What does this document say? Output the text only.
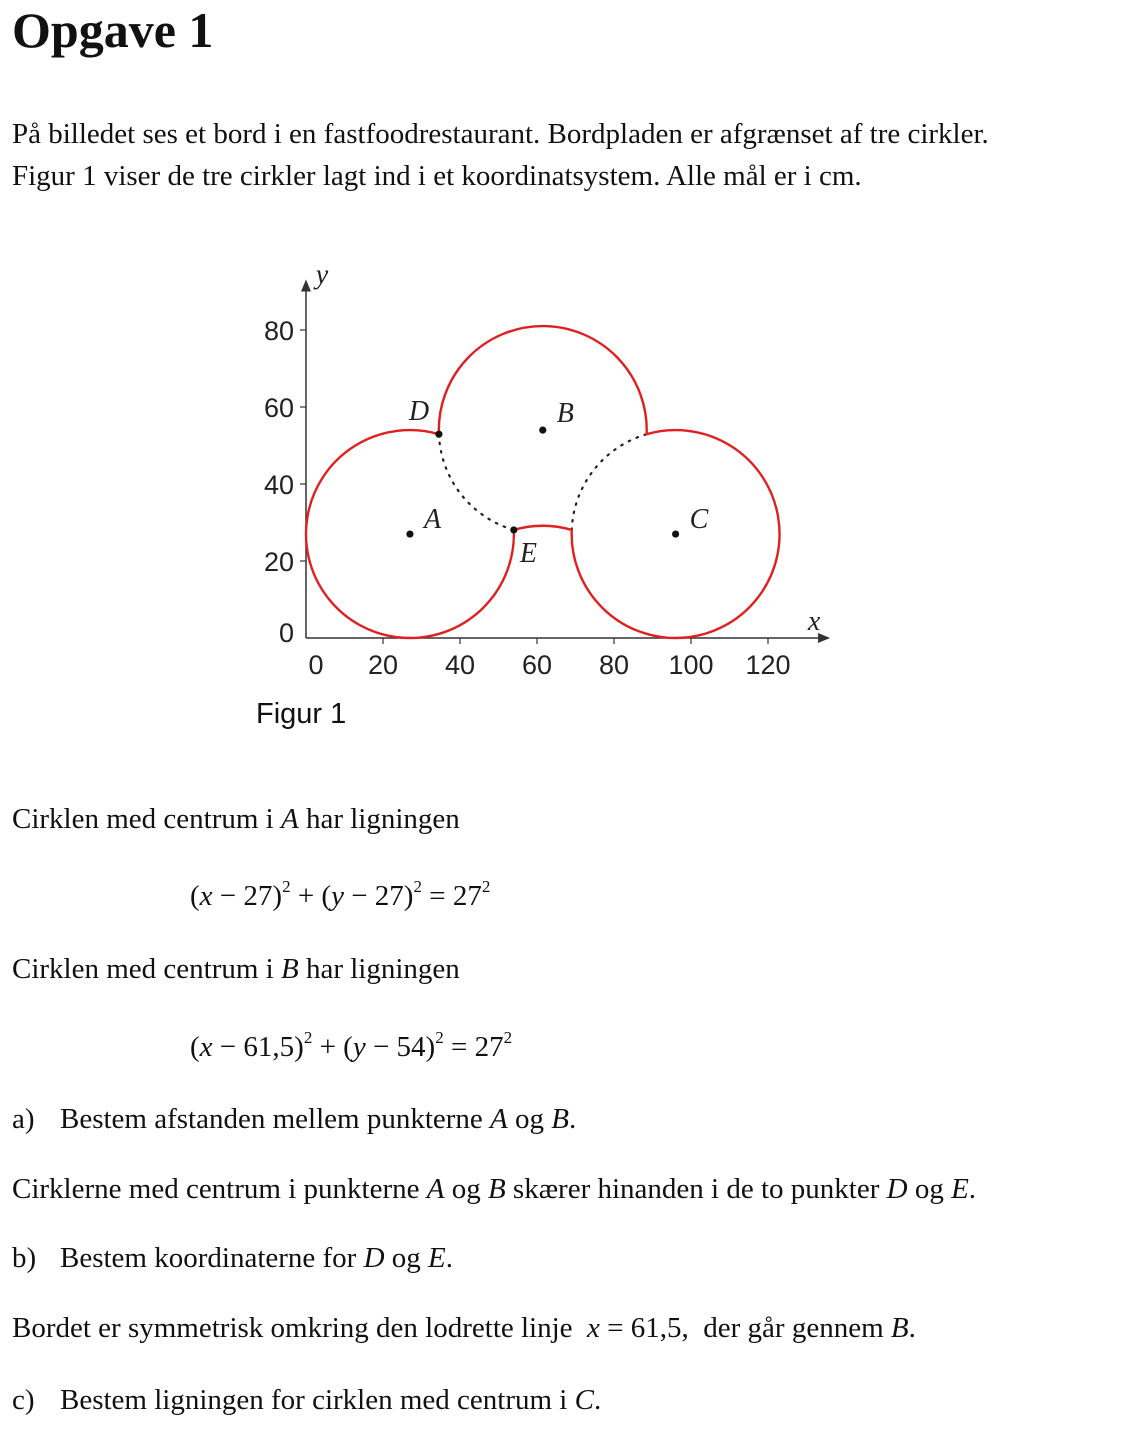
Opgave 1

På billedet ses et bord i en fastfoodrestaurant. Bordpladen er afgrænset af tre cirkler.
Figur 1 viser de tre cirkler lagt ind i et koordinatsystem. Alle mål er i cm.

0 20 40 60 80 100 120
0
20
40
60
80
x
y
A
B
C
D
E
Figur 1

Cirklen med centrum i A har ligningen

$(x - 27)^2 + (y - 27)^2 = 27^2$

Cirklen med centrum i B har ligningen

$(x - 61,5)^2 + (y - 54)^2 = 27^2$

a) Bestem afstanden mellem punkterne A og B.

Cirklerne med centrum i punkterne A og B skærer hinanden i de to punkter D og E.

b) Bestem koordinaterne for D og E.

Bordet er symmetrisk omkring den lodrette linje  x = 61,5,  der går gennem B.

c) Bestem ligningen for cirklen med centrum i C.
